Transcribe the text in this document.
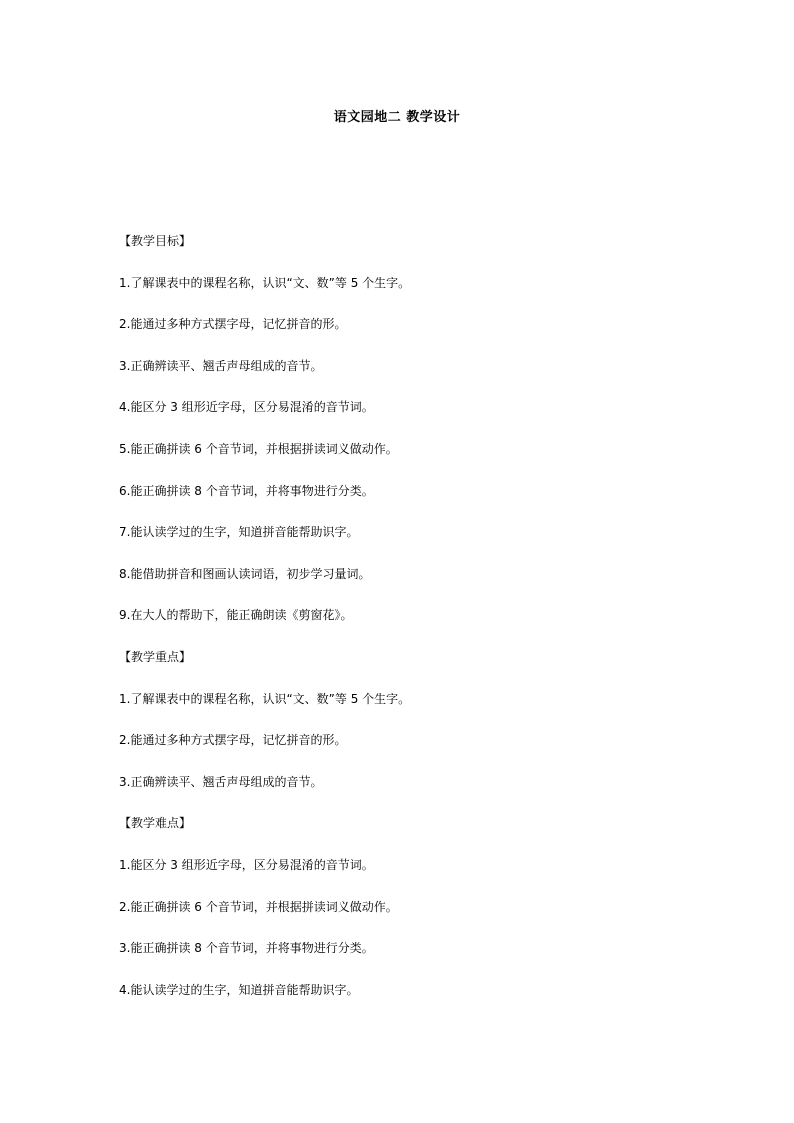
语文园地二 教学设计
【教学目标】
1.了解课表中的课程名称，认识“文、数”等 5 个生字。
2.能通过多种方式摆字母，记忆拼音的形。
3.正确辨读平、翘舌声母组成的音节。
4.能区分 3 组形近字母，区分易混淆的音节词。
5.能正确拼读 6 个音节词，并根据拼读词义做动作。
6.能正确拼读 8 个音节词，并将事物进行分类。
7.能认读学过的生字，知道拼音能帮助识字。
8.能借助拼音和图画认读词语，初步学习量词。
9.在大人的帮助下，能正确朗读《剪窗花》。
【教学重点】
1.了解课表中的课程名称，认识“文、数”等 5 个生字。
2.能通过多种方式摆字母，记忆拼音的形。
3.正确辨读平、翘舌声母组成的音节。
【教学难点】
1.能区分 3 组形近字母，区分易混淆的音节词。
2.能正确拼读 6 个音节词，并根据拼读词义做动作。
3.能正确拼读 8 个音节词，并将事物进行分类。
4.能认读学过的生字，知道拼音能帮助识字。
